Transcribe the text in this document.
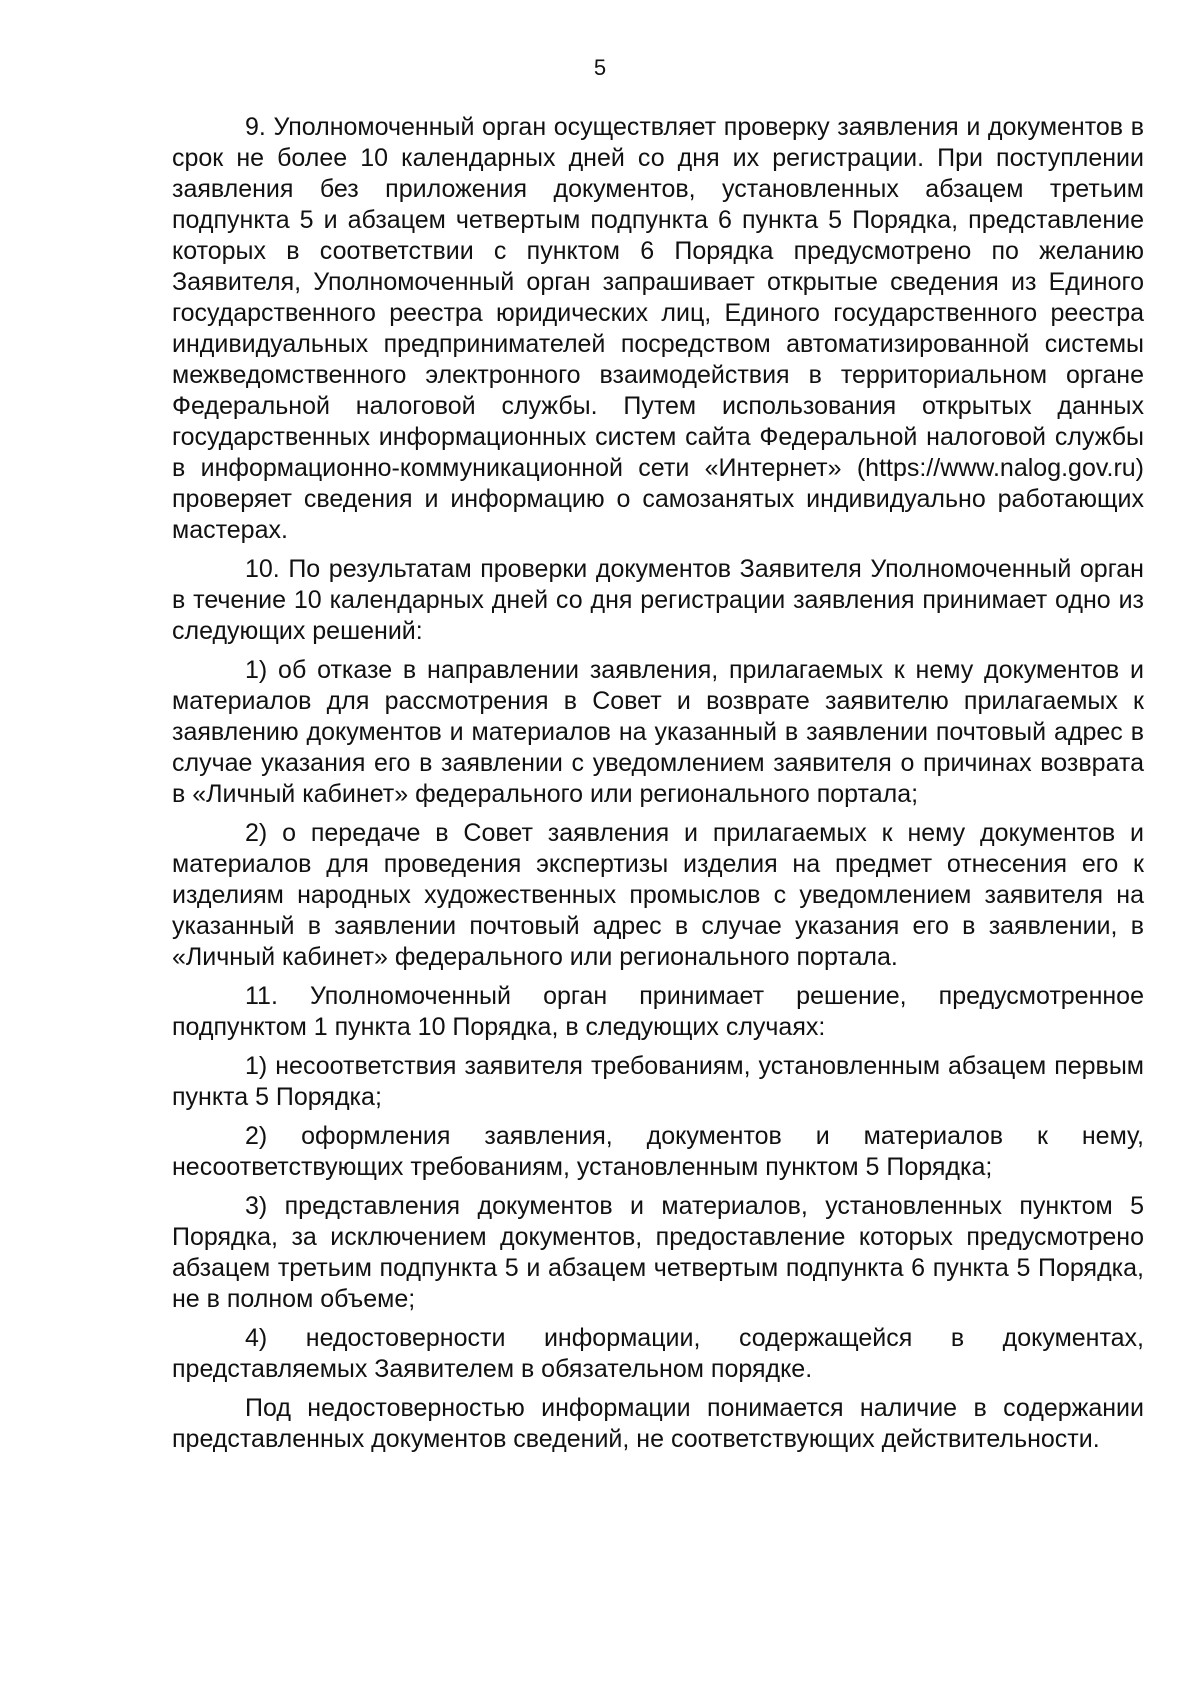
5

9. Уполномоченный орган осуществляет проверку заявления и документов в срок не более 10 календарных дней со дня их регистрации. При поступлении заявления без приложения документов, установленных абзацем третьим подпункта 5 и абзацем четвертым подпункта 6 пункта 5 Порядка, представление которых в соответствии с пунктом 6 Порядка предусмотрено по желанию Заявителя, Уполномоченный орган запрашивает открытые сведения из Единого государственного реестра юридических лиц, Единого государственного реестра индивидуальных предпринимателей посредством автоматизированной системы межведомственного электронного взаимодействия в территориальном органе Федеральной налоговой службы. Путем использования открытых данных государственных информационных систем сайта Федеральной налоговой службы в информационно-коммуникационной сети «Интернет» (https://www.nalog.gov.ru) проверяет сведения и информацию о самозанятых индивидуально работающих мастерах.

10. По результатам проверки документов Заявителя Уполномоченный орган в течение 10 календарных дней со дня регистрации заявления принимает одно из следующих решений:

1) об отказе в направлении заявления, прилагаемых к нему документов и материалов для рассмотрения в Совет и возврате заявителю прилагаемых к заявлению документов и материалов на указанный в заявлении почтовый адрес в случае указания его в заявлении с уведомлением заявителя о причинах возврата в «Личный кабинет» федерального или регионального портала;

2) о передаче в Совет заявления и прилагаемых к нему документов и материалов для проведения экспертизы изделия на предмет отнесения его к изделиям народных художественных промыслов с уведомлением заявителя на указанный в заявлении почтовый адрес в случае указания его в заявлении, в «Личный кабинет» федерального или регионального портала.

11. Уполномоченный орган принимает решение, предусмотренное подпунктом 1 пункта 10 Порядка, в следующих случаях:

1) несоответствия заявителя требованиям, установленным абзацем первым пункта 5 Порядка;

2) оформления заявления, документов и материалов к нему, несоответствующих требованиям, установленным пунктом 5 Порядка;

3) представления документов и материалов, установленных пунктом 5 Порядка, за исключением документов, предоставление которых предусмотрено абзацем третьим подпункта 5 и абзацем четвертым подпункта 6 пункта 5 Порядка, не в полном объеме;

4) недостоверности информации, содержащейся в документах, представляемых Заявителем в обязательном порядке.

Под недостоверностью информации понимается наличие в содержании представленных документов сведений, не соответствующих действительности.
